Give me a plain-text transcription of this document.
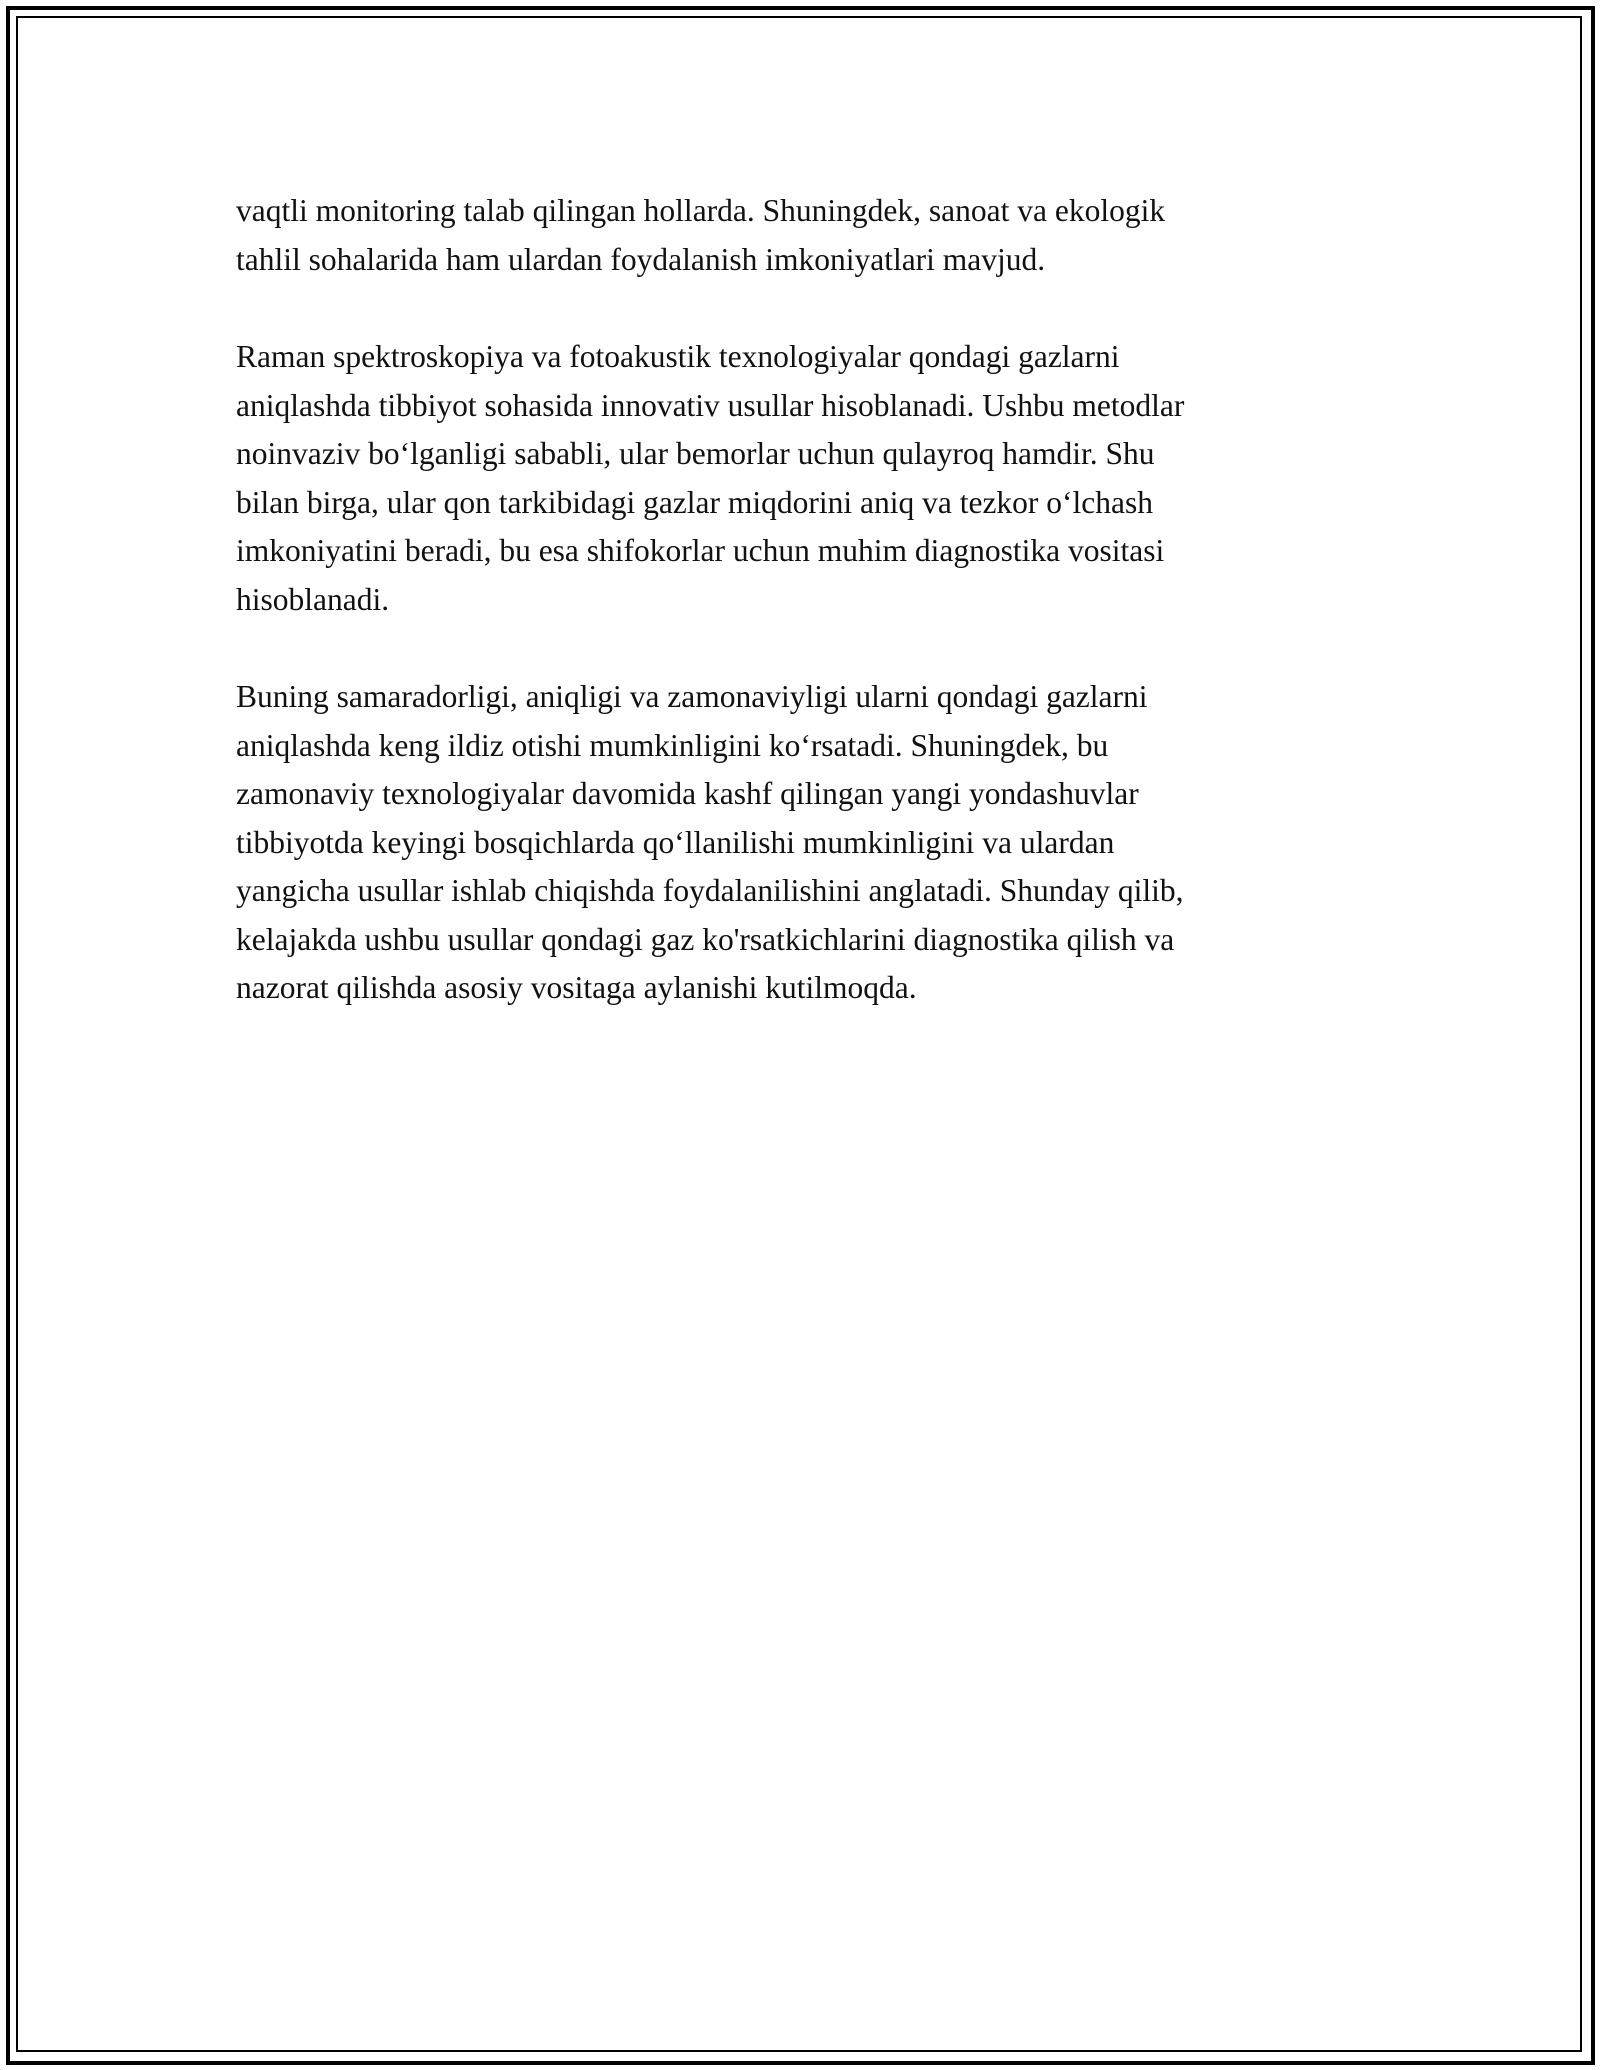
vaqtli monitoring talab qilingan hollarda. Shuningdek, sanoat va ekologik
tahlil sohalarida ham ulardan foydalanish imkoniyatlari mavjud.

Raman spektroskopiya va fotoakustik texnologiyalar qondagi gazlarni
aniqlashda tibbiyot sohasida innovativ usullar hisoblanadi. Ushbu metodlar
noinvaziv boʻlganligi sababli, ular bemorlar uchun qulayroq hamdir. Shu
bilan birga, ular qon tarkibidagi gazlar miqdorini aniq va tezkor oʻlchash
imkoniyatini beradi, bu esa shifokorlar uchun muhim diagnostika vositasi
hisoblanadi.

Buning samaradorligi, aniqligi va zamonaviyligi ularni qondagi gazlarni
aniqlashda keng ildiz otishi mumkinligini koʻrsatadi. Shuningdek, bu
zamonaviy texnologiyalar davomida kashf qilingan yangi yondashuvlar
tibbiyotda keyingi bosqichlarda qoʻllanilishi mumkinligini va ulardan
yangicha usullar ishlab chiqishda foydalanilishini anglatadi. Shunday qilib,
kelajakda ushbu usullar qondagi gaz ko'rsatkichlarini diagnostika qilish va
nazorat qilishda asosiy vositaga aylanishi kutilmoqda.
